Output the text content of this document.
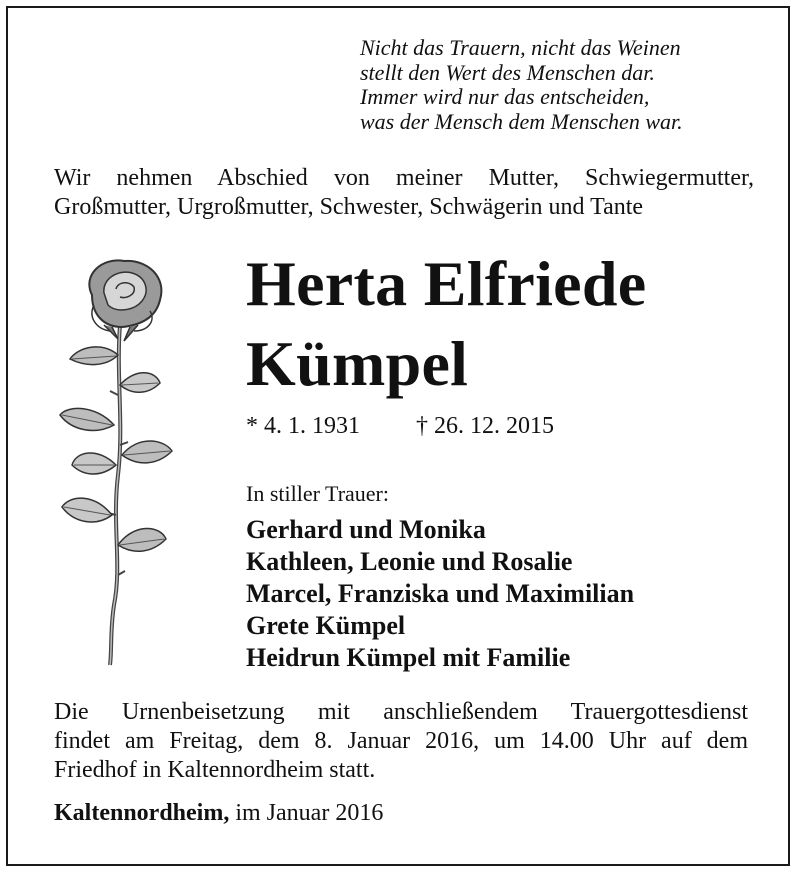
Nicht das Trauern, nicht das Weinen
stellt den Wert des Menschen dar.
Immer wird nur das entscheiden,
was der Mensch dem Menschen war.
Wir nehmen Abschied von meiner Mutter, Schwiegermutter,
Großmutter, Urgroßmutter, Schwester, Schwägerin und Tante
Herta Elfriede
Kümpel
* 4. 1. 1931 † 26. 12. 2015
In stiller Trauer:
Gerhard und Monika
Kathleen, Leonie und Rosalie
Marcel, Franziska und Maximilian
Grete Kümpel
Heidrun Kümpel mit Familie
Die Urnenbeisetzung mit anschließendem Trauergottesdienst
findet am Freitag, dem 8. Januar 2016, um 14.00 Uhr auf dem
Friedhof in Kaltennordheim statt.
Kaltennordheim, im Januar 2016
